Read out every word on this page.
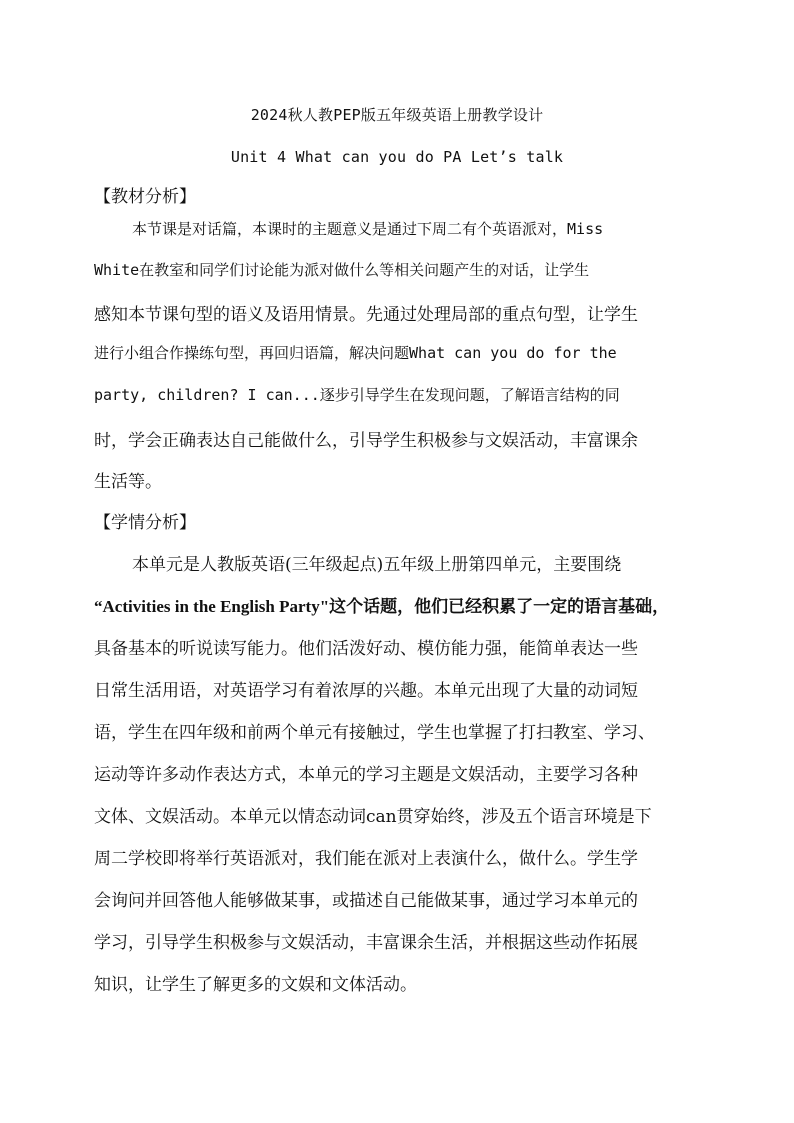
2024秋人教PEP版五年级英语上册教学设计
Unit 4 What can you do PA Let’s talk
【教材分析】
本节课是对话篇，本课时的主题意义是通过下周二有个英语派对，Miss
White在教室和同学们讨论能为派对做什么等相关问题产生的对话，让学生
感知本节课句型的语义及语用情景。先通过处理局部的重点句型，让学生
进行小组合作操练句型，再回归语篇，解决问题What can you do for the
party, children? I can...逐步引导学生在发现问题，了解语言结构的同
时，学会正确表达自己能做什么，引导学生积极参与文娱活动，丰富课余
生活等。
【学情分析】
本单元是人教版英语(三年级起点)五年级上册第四单元，主要围绕
“Activities in the English Party"这个话题，他们已经积累了一定的语言基础，
具备基本的听说读写能力。他们活泼好动、模仿能力强，能简单表达一些
日常生活用语，对英语学习有着浓厚的兴趣。本单元出现了大量的动词短
语，学生在四年级和前两个单元有接触过，学生也掌握了打扫教室、学习、
运动等许多动作表达方式，本单元的学习主题是文娱活动，主要学习各种
文体、文娱活动。本单元以情态动词can贯穿始终，涉及五个语言环境是下
周二学校即将举行英语派对，我们能在派对上表演什么，做什么。学生学
会询问并回答他人能够做某事，或描述自己能做某事，通过学习本单元的
学习，引导学生积极参与文娱活动，丰富课余生活，并根据这些动作拓展
知识，让学生了解更多的文娱和文体活动。
